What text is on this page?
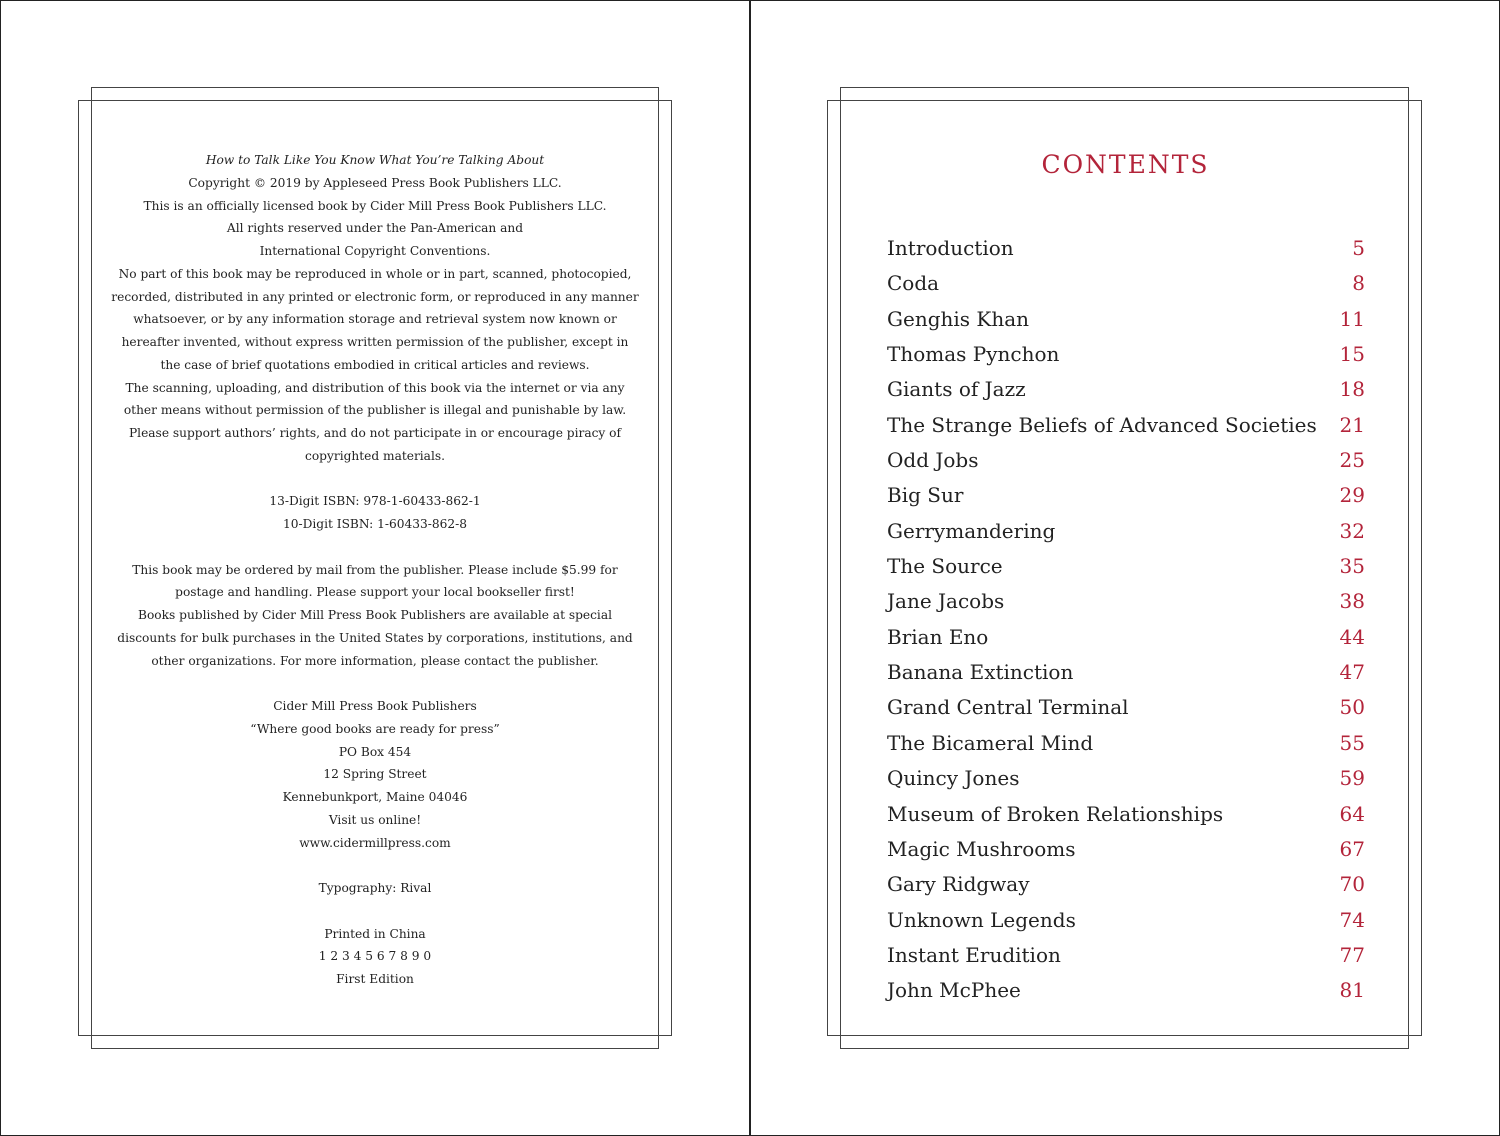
How to Talk Like You Know What You’re Talking About
Copyright © 2019 by Appleseed Press Book Publishers LLC.
This is an officially licensed book by Cider Mill Press Book Publishers LLC.
All rights reserved under the Pan-American and
International Copyright Conventions.
No part of this book may be reproduced in whole or in part, scanned, photocopied,
recorded, distributed in any printed or electronic form, or reproduced in any manner
whatsoever, or by any information storage and retrieval system now known or
hereafter invented, without express written permission of the publisher, except in
the case of brief quotations embodied in critical articles and reviews.
The scanning, uploading, and distribution of this book via the internet or via any
other means without permission of the publisher is illegal and punishable by law.
Please support authors’ rights, and do not participate in or encourage piracy of
copyrighted materials.
13-Digit ISBN: 978-1-60433-862-1
10-Digit ISBN: 1-60433-862-8
This book may be ordered by mail from the publisher. Please include $5.99 for
postage and handling. Please support your local bookseller first!
Books published by Cider Mill Press Book Publishers are available at special
discounts for bulk purchases in the United States by corporations, institutions, and
other organizations. For more information, please contact the publisher.
Cider Mill Press Book Publishers
“Where good books are ready for press”
PO Box 454
12 Spring Street
Kennebunkport, Maine 04046
Visit us online!
www.cidermillpress.com
Typography: Rival
Printed in China
1 2 3 4 5 6 7 8 9 0
First Edition
CONTENTS
Introduction	5
Coda	8
Genghis Khan	11
Thomas Pynchon	15
Giants of Jazz	18
The Strange Beliefs of Advanced Societies 21
Odd Jobs	25
Big Sur	29
Gerrymandering	32
The Source	35
Jane Jacobs	38
Brian Eno	44
Banana Extinction	47
Grand Central Terminal	50
The Bicameral Mind	55
Quincy Jones	59
Museum of Broken Relationships	64
Magic Mushrooms	67
Gary Ridgway	70
Unknown Legends	74
Instant Erudition	77
John McPhee	81
